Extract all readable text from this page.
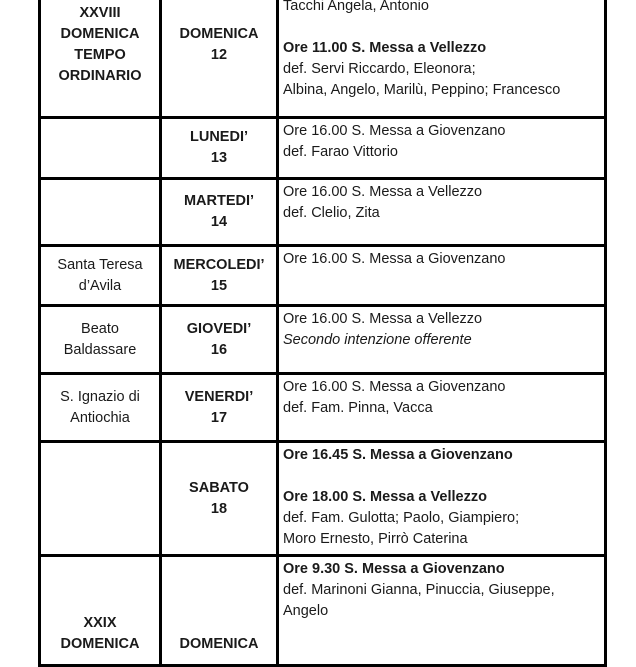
XXVIII
DOMENICA
TEMPO
ORDINARIO	DOMENICA
12	Tacchi Angela, Antonio
Ore 11.00 S. Messa a Vellezzo
def. Servi Riccardo, Eleonora;
Albina, Angelo, Marilù, Peppino; Francesco

	LUNEDI’
13	Ore 16.00 S. Messa a Giovenzano
def. Farao Vittorio

	MARTEDI’
14	Ore 16.00 S. Messa a Vellezzo
def. Clelio, Zita

Santa Teresa
d’Avila	MERCOLEDI’
15	Ore 16.00 S. Messa a Giovenzano

Beato
Baldassare	GIOVEDI’
16	Ore 16.00 S. Messa a Vellezzo
Secondo intenzione offerente

S. Ignazio di
Antiochia	VENERDI’
17	Ore 16.00 S. Messa a Giovenzano
def. Fam. Pinna, Vacca

	SABATO
18	Ore 16.45 S. Messa a Giovenzano
Ore 18.00 S. Messa a Vellezzo
def. Fam. Gulotta; Paolo, Giampiero;
Moro Ernesto, Pirrò Caterina

XXIX
DOMENICA	DOMENICA	Ore 9.30 S. Messa a Giovenzano
def. Marinoni Gianna, Pinuccia, Giuseppe,
Angelo
